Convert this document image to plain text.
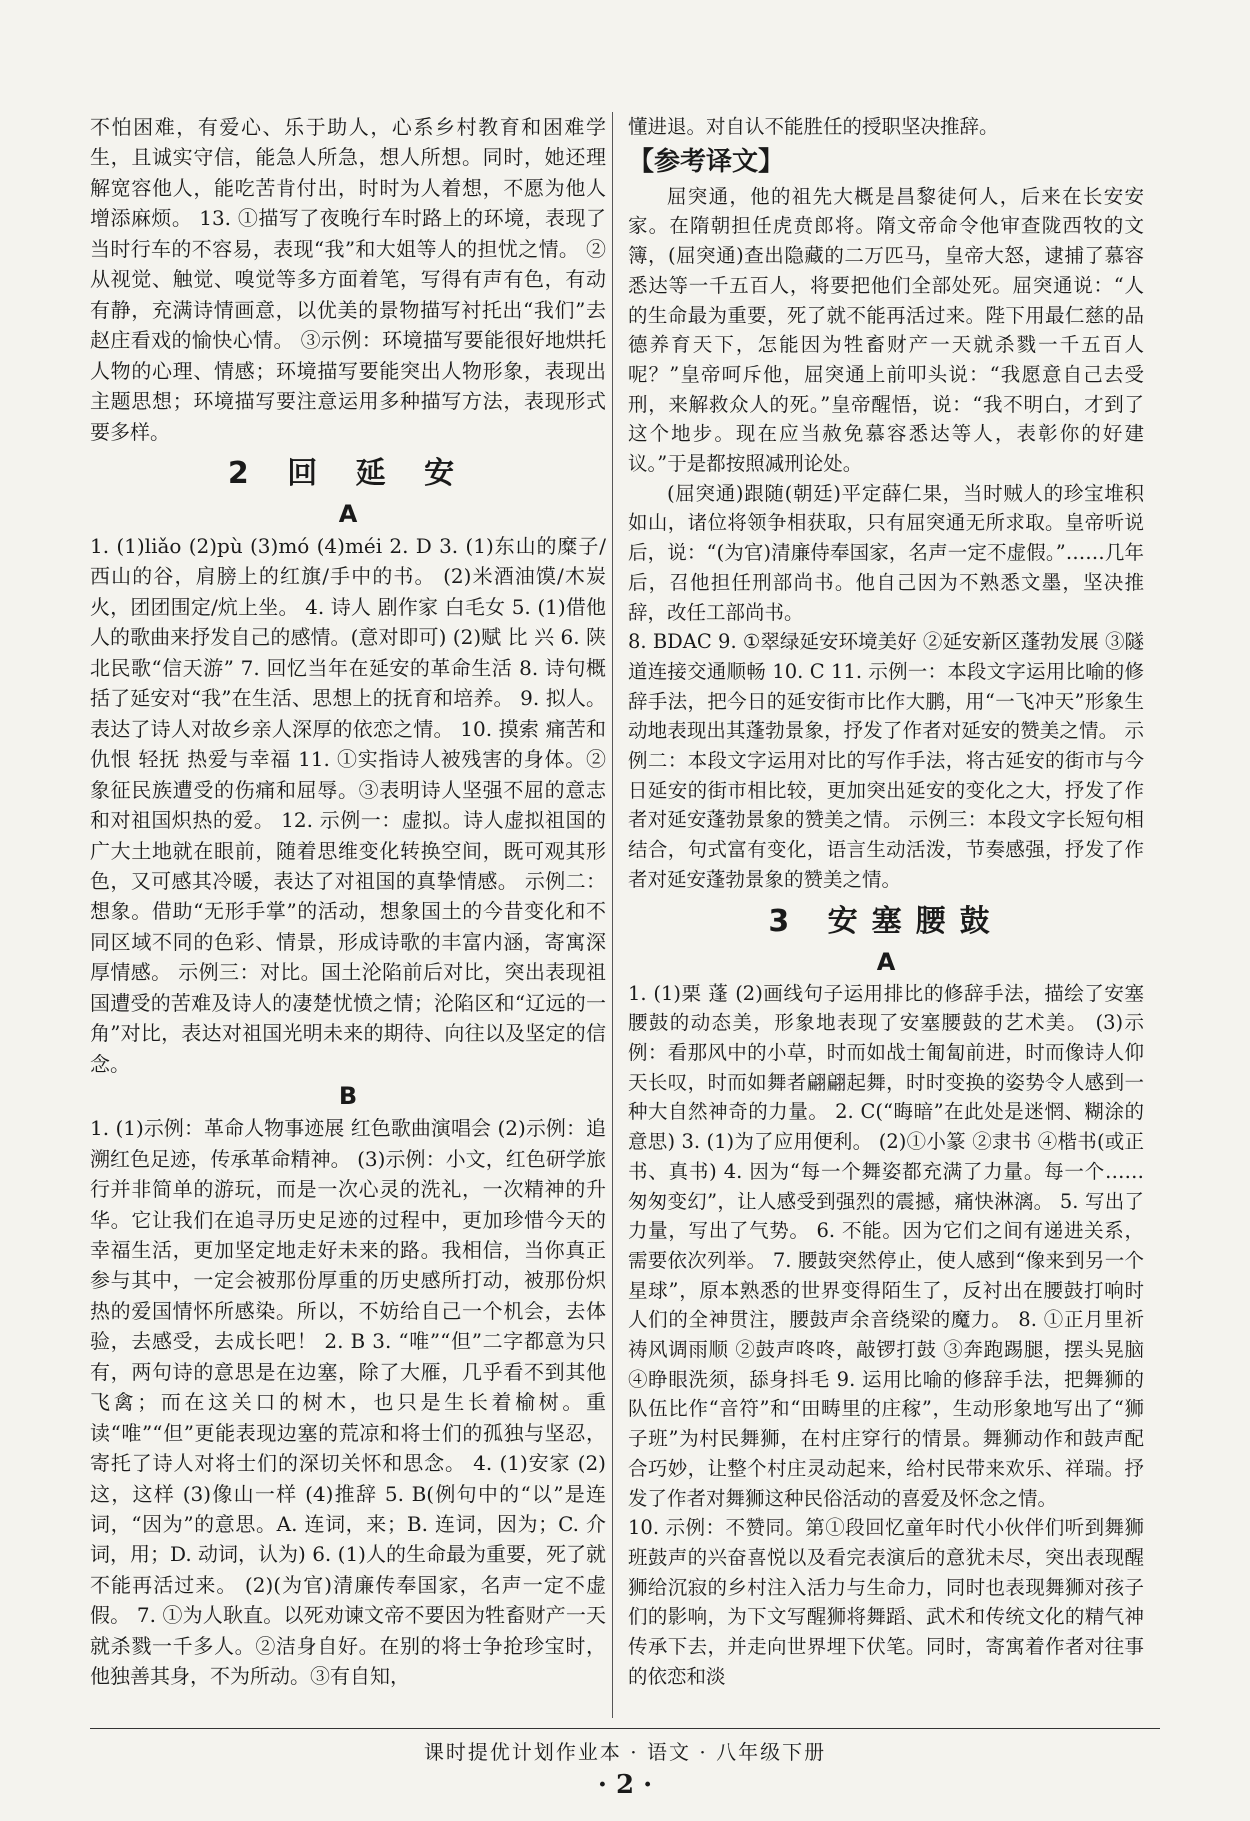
不怕困难，有爱心、乐于助人，心系乡村教育和困难学生，且诚实守信，能急人所急，想人所想。同时，她还理解宽容他人，能吃苦肯付出，时时为人着想，不愿为他人增添麻烦。 13. ①描写了夜晚行车时路上的环境，表现了当时行车的不容易，表现“我”和大姐等人的担忧之情。 ②从视觉、触觉、嗅觉等多方面着笔，写得有声有色，有动有静，充满诗情画意，以优美的景物描写衬托出“我们”去赵庄看戏的愉快心情。 ③示例：环境描写要能很好地烘托人物的心理、情感；环境描写要能突出人物形象，表现出主题思想；环境描写要注意运用多种描写方法，表现形式要多样。

2 回 延 安
A

1. (1)liǎo (2)pù (3)mó (4)méi 2. D 3. (1)东山的糜子/西山的谷，肩膀上的红旗/手中的书。 (2)米酒油馍/木炭火，团团围定/炕上坐。 4. 诗人 剧作家 白毛女 5. (1)借他人的歌曲来抒发自己的感情。(意对即可) (2)赋 比 兴 6. 陕北民歌“信天游” 7. 回忆当年在延安的革命生活 8. 诗句概括了延安对“我”在生活、思想上的抚育和培养。 9. 拟人。表达了诗人对故乡亲人深厚的依恋之情。 10. 摸索 痛苦和仇恨 轻抚 热爱与幸福 11. ①实指诗人被残害的身体。②象征民族遭受的伤痛和屈辱。③表明诗人坚强不屈的意志和对祖国炽热的爱。 12. 示例一：虚拟。诗人虚拟祖国的广大土地就在眼前，随着思维变化转换空间，既可观其形色，又可感其冷暖，表达了对祖国的真挚情感。 示例二：想象。借助“无形手掌”的活动，想象国土的今昔变化和不同区域不同的色彩、情景，形成诗歌的丰富内涵，寄寓深厚情感。 示例三：对比。国土沦陷前后对比，突出表现祖国遭受的苦难及诗人的凄楚忧愤之情；沦陷区和“辽远的一角”对比，表达对祖国光明未来的期待、向往以及坚定的信念。

B

1. (1)示例：革命人物事迹展 红色歌曲演唱会 (2)示例：追溯红色足迹，传承革命精神。 (3)示例：小文，红色研学旅行并非简单的游玩，而是一次心灵的洗礼，一次精神的升华。它让我们在追寻历史足迹的过程中，更加珍惜今天的幸福生活，更加坚定地走好未来的路。我相信，当你真正参与其中，一定会被那份厚重的历史感所打动，被那份炽热的爱国情怀所感染。所以，不妨给自己一个机会，去体验，去感受，去成长吧！ 2. B 3. “唯”“但”二字都意为只有，两句诗的意思是在边塞，除了大雁，几乎看不到其他飞禽；而在这关口的树木，也只是生长着榆树。重读“唯”“但”更能表现边塞的荒凉和将士们的孤独与坚忍，寄托了诗人对将士们的深切关怀和思念。 4. (1)安家 (2)这，这样 (3)像山一样 (4)推辞 5. B(例句中的“以”是连词，“因为”的意思。A. 连词，来；B. 连词，因为；C. 介词，用；D. 动词，认为) 6. (1)人的生命最为重要，死了就不能再活过来。 (2)(为官)清廉传奉国家，名声一定不虚假。 7. ①为人耿直。以死劝谏文帝不要因为牲畜财产一天就杀戮一千多人。②洁身自好。在别的将士争抢珍宝时，他独善其身，不为所动。③有自知，

懂进退。对自认不能胜任的授职坚决推辞。

【参考译文】

屈突通，他的祖先大概是昌黎徒何人，后来在长安安家。在隋朝担任虎贲郎将。隋文帝命令他审查陇西牧的文簿，(屈突通)查出隐藏的二万匹马，皇帝大怒，逮捕了慕容悉达等一千五百人，将要把他们全部处死。屈突通说：“人的生命最为重要，死了就不能再活过来。陛下用最仁慈的品德养育天下，怎能因为牲畜财产一天就杀戮一千五百人呢？”皇帝呵斥他，屈突通上前叩头说：“我愿意自己去受刑，来解救众人的死。”皇帝醒悟，说：“我不明白，才到了这个地步。现在应当赦免慕容悉达等人，表彰你的好建议。”于是都按照减刑论处。

(屈突通)跟随(朝廷)平定薛仁果，当时贼人的珍宝堆积如山，诸位将领争相获取，只有屈突通无所求取。皇帝听说后，说：“(为官)清廉侍奉国家，名声一定不虚假。”……几年后，召他担任刑部尚书。他自己因为不熟悉文墨，坚决推辞，改任工部尚书。

8. BDAC 9. ①翠绿延安环境美好 ②延安新区蓬勃发展 ③隧道连接交通顺畅 10. C 11. 示例一：本段文字运用比喻的修辞手法，把今日的延安街市比作大鹏，用“一飞冲天”形象生动地表现出其蓬勃景象，抒发了作者对延安的赞美之情。 示例二：本段文字运用对比的写作手法，将古延安的街市与今日延安的街市相比较，更加突出延安的变化之大，抒发了作者对延安蓬勃景象的赞美之情。 示例三：本段文字长短句相结合，句式富有变化，语言生动活泼，节奏感强，抒发了作者对延安蓬勃景象的赞美之情。

3 安塞腰鼓
A

1. (1)栗 蓬 (2)画线句子运用排比的修辞手法，描绘了安塞腰鼓的动态美，形象地表现了安塞腰鼓的艺术美。 (3)示例：看那风中的小草，时而如战士匍匐前进，时而像诗人仰天长叹，时而如舞者翩翩起舞，时时变换的姿势令人感到一种大自然神奇的力量。 2. C(“晦暗”在此处是迷惘、糊涂的意思) 3. (1)为了应用便利。 (2)①小篆 ②隶书 ④楷书(或正书、真书) 4. 因为“每一个舞姿都充满了力量。每一个……匆匆变幻”，让人感受到强烈的震撼，痛快淋漓。 5. 写出了力量，写出了气势。 6. 不能。因为它们之间有递进关系，需要依次列举。 7. 腰鼓突然停止，使人感到“像来到另一个星球”，原本熟悉的世界变得陌生了，反衬出在腰鼓打响时人们的全神贯注，腰鼓声余音绕梁的魔力。 8. ①正月里祈祷风调雨顺 ②鼓声咚咚，敲锣打鼓 ③奔跑踢腿，摆头晃脑 ④睁眼洗须，舔身抖毛 9. 运用比喻的修辞手法，把舞狮的队伍比作“音符”和“田畴里的庄稼”，生动形象地写出了“狮子班”为村民舞狮，在村庄穿行的情景。舞狮动作和鼓声配合巧妙，让整个村庄灵动起来，给村民带来欢乐、祥瑞。抒发了作者对舞狮这种民俗活动的喜爱及怀念之情。

10. 示例：不赞同。第①段回忆童年时代小伙伴们听到舞狮班鼓声的兴奋喜悦以及看完表演后的意犹未尽，突出表现醒狮给沉寂的乡村注入活力与生命力，同时也表现舞狮对孩子们的影响，为下文写醒狮将舞蹈、武术和传统文化的精气神传承下去，并走向世界埋下伏笔。同时，寄寓着作者对往事的依恋和淡

课时提优计划作业本 · 语文 · 八年级下册
· 2 ·
